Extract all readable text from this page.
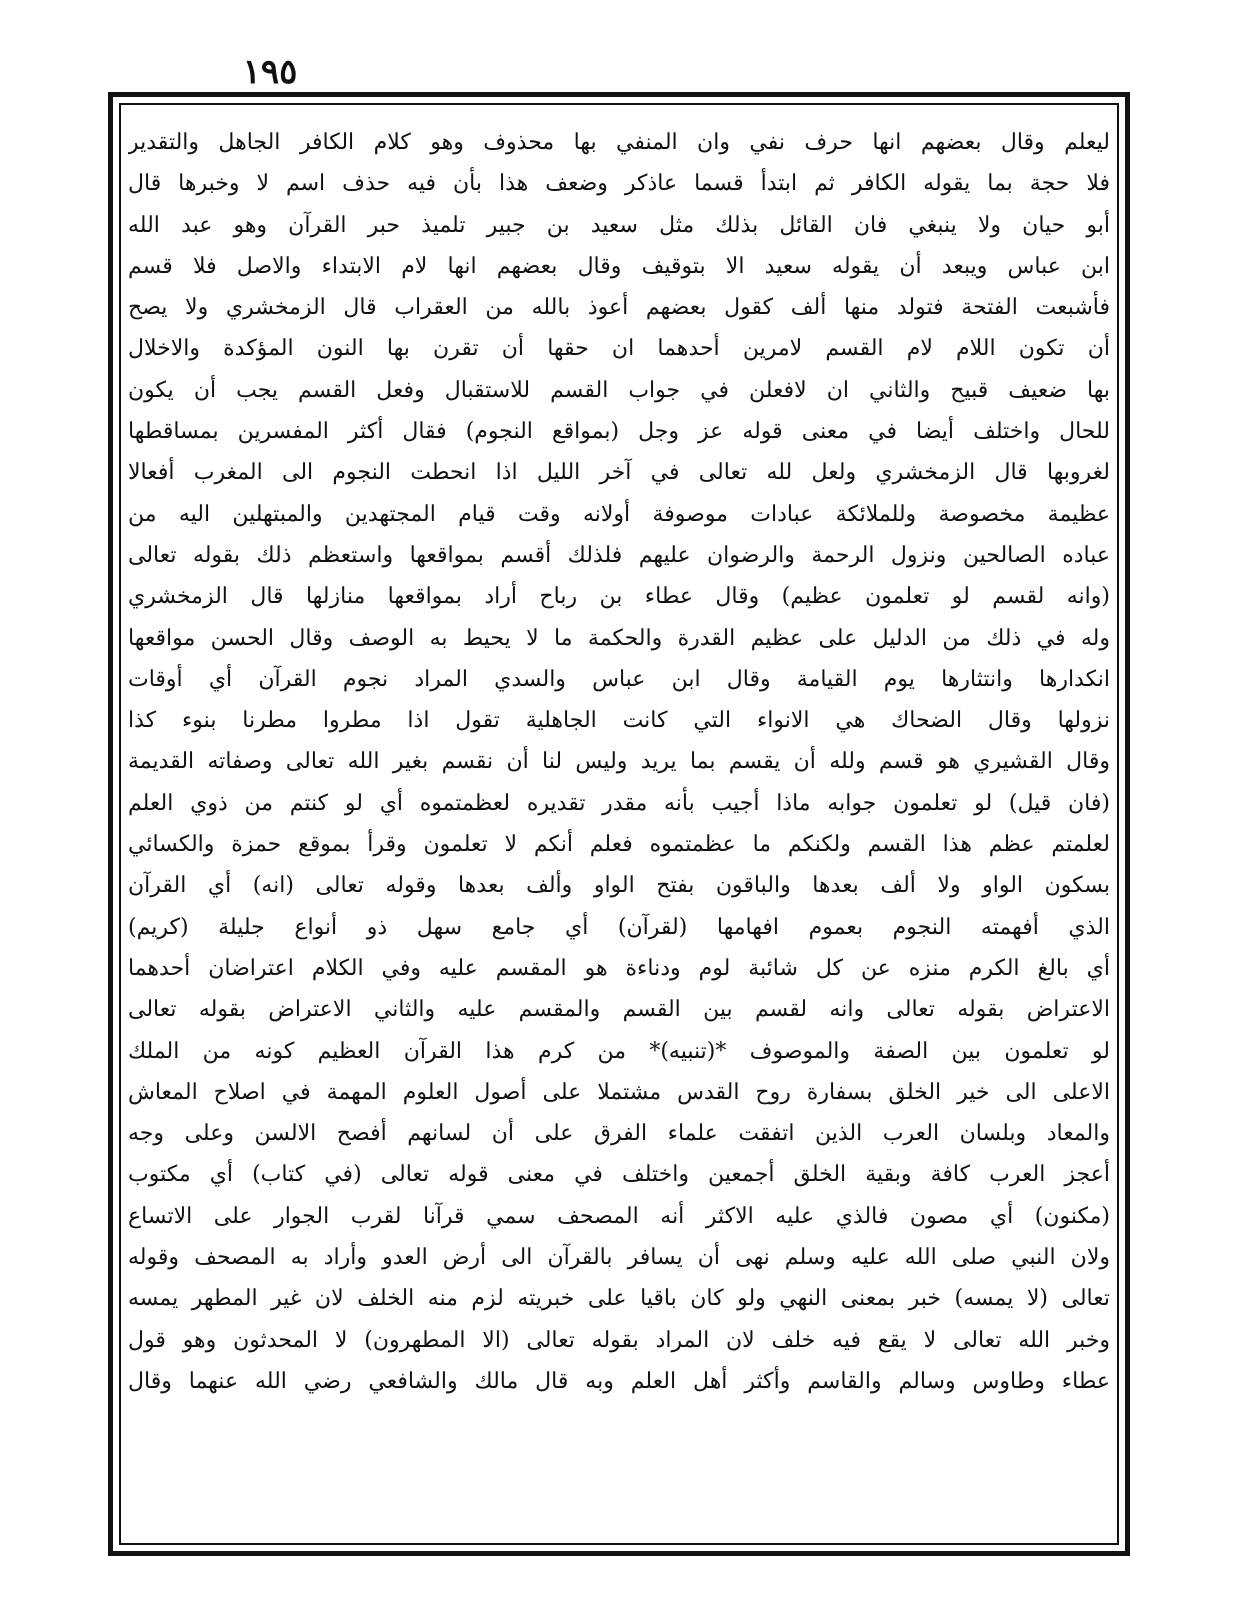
١٩٥
ليعلم وقال بعضهم انها حرف نفي وان المنفي بها محذوف وهو كلام الكافر الجاهل والتقدير
فلا حجة بما يقوله الكافر ثم ابتدأ قسما عاذكر وضعف هذا بأن فيه حذف اسم لا وخبرها قال
أبو حيان ولا ينبغي فان القائل بذلك مثل سعيد بن جبير تلميذ حبر القرآن وهو عبد الله
ابن عباس ويبعد أن يقوله سعيد الا بتوقيف وقال بعضهم انها لام الابتداء والاصل فلا قسم
فأشبعت الفتحة فتولد منها ألف كقول بعضهم أعوذ بالله من العقراب قال الزمخشري ولا يصح
أن تكون اللام لام القسم لامرين أحدهما ان حقها أن تقرن بها النون المؤكدة والاخلال
بها ضعيف قبيح والثاني ان لافعلن في جواب القسم للاستقبال وفعل القسم يجب أن يكون
للحال واختلف أيضا في معنى قوله عز وجل (بمواقع النجوم) فقال أكثر المفسرين بمساقطها
لغروبها قال الزمخشري ولعل لله تعالى في آخر الليل اذا انحطت النجوم الى المغرب أفعالا
عظيمة مخصوصة وللملائكة عبادات موصوفة أولانه وقت قيام المجتهدين والمبتهلين اليه من
عباده الصالحين ونزول الرحمة والرضوان عليهم فلذلك أقسم بمواقعها واستعظم ذلك بقوله تعالى
(وانه لقسم لو تعلمون عظيم) وقال عطاء بن رباح أراد بمواقعها منازلها قال الزمخشري
وله في ذلك من الدليل على عظيم القدرة والحكمة ما لا يحيط به الوصف وقال الحسن مواقعها
انكدارها وانتثارها يوم القيامة وقال ابن عباس والسدي المراد نجوم القرآن أي أوقات
نزولها وقال الضحاك هي الانواء التي كانت الجاهلية تقول اذا مطروا مطرنا بنوء كذا
وقال القشيري هو قسم ولله أن يقسم بما يريد وليس لنا أن نقسم بغير الله تعالى وصفاته القديمة
(فان قيل) لو تعلمون جوابه ماذا أجيب بأنه مقدر تقديره لعظمتموه أي لو كنتم من ذوي العلم
لعلمتم عظم هذا القسم ولكنكم ما عظمتموه فعلم أنكم لا تعلمون وقرأ بموقع حمزة والكسائي
بسكون الواو ولا ألف بعدها والباقون بفتح الواو وألف بعدها وقوله تعالى (انه) أي القرآن
الذي أفهمته النجوم بعموم افهامها (لقرآن) أي جامع سهل ذو أنواع جليلة (كريم)
أي بالغ الكرم منزه عن كل شائبة لوم ودناءة هو المقسم عليه وفي الكلام اعتراضان أحدهما
الاعتراض بقوله تعالى وانه لقسم بين القسم والمقسم عليه والثاني الاعتراض بقوله تعالى
لو تعلمون بين الصفة والموصوف *(تنبيه)* من كرم هذا القرآن العظيم كونه من الملك
الاعلى الى خير الخلق بسفارة روح القدس مشتملا على أصول العلوم المهمة في اصلاح المعاش
والمعاد وبلسان العرب الذين اتفقت علماء الفرق على أن لسانهم أفصح الالسن وعلى وجه
أعجز العرب كافة وبقية الخلق أجمعين واختلف في معنى قوله تعالى (في كتاب) أي مكتوب
(مكنون) أي مصون فالذي عليه الاكثر أنه المصحف سمي قرآنا لقرب الجوار على الاتساع
ولان النبي صلى الله عليه وسلم نهى أن يسافر بالقرآن الى أرض العدو وأراد به المصحف وقوله
تعالى (لا يمسه) خبر بمعنى النهي ولو كان باقيا على خبريته لزم منه الخلف لان غير المطهر يمسه
وخبر الله تعالى لا يقع فيه خلف لان المراد بقوله تعالى (الا المطهرون) لا المحدثون وهو قول
عطاء وطاوس وسالم والقاسم وأكثر أهل العلم وبه قال مالك والشافعي رضي الله عنهما وقال
